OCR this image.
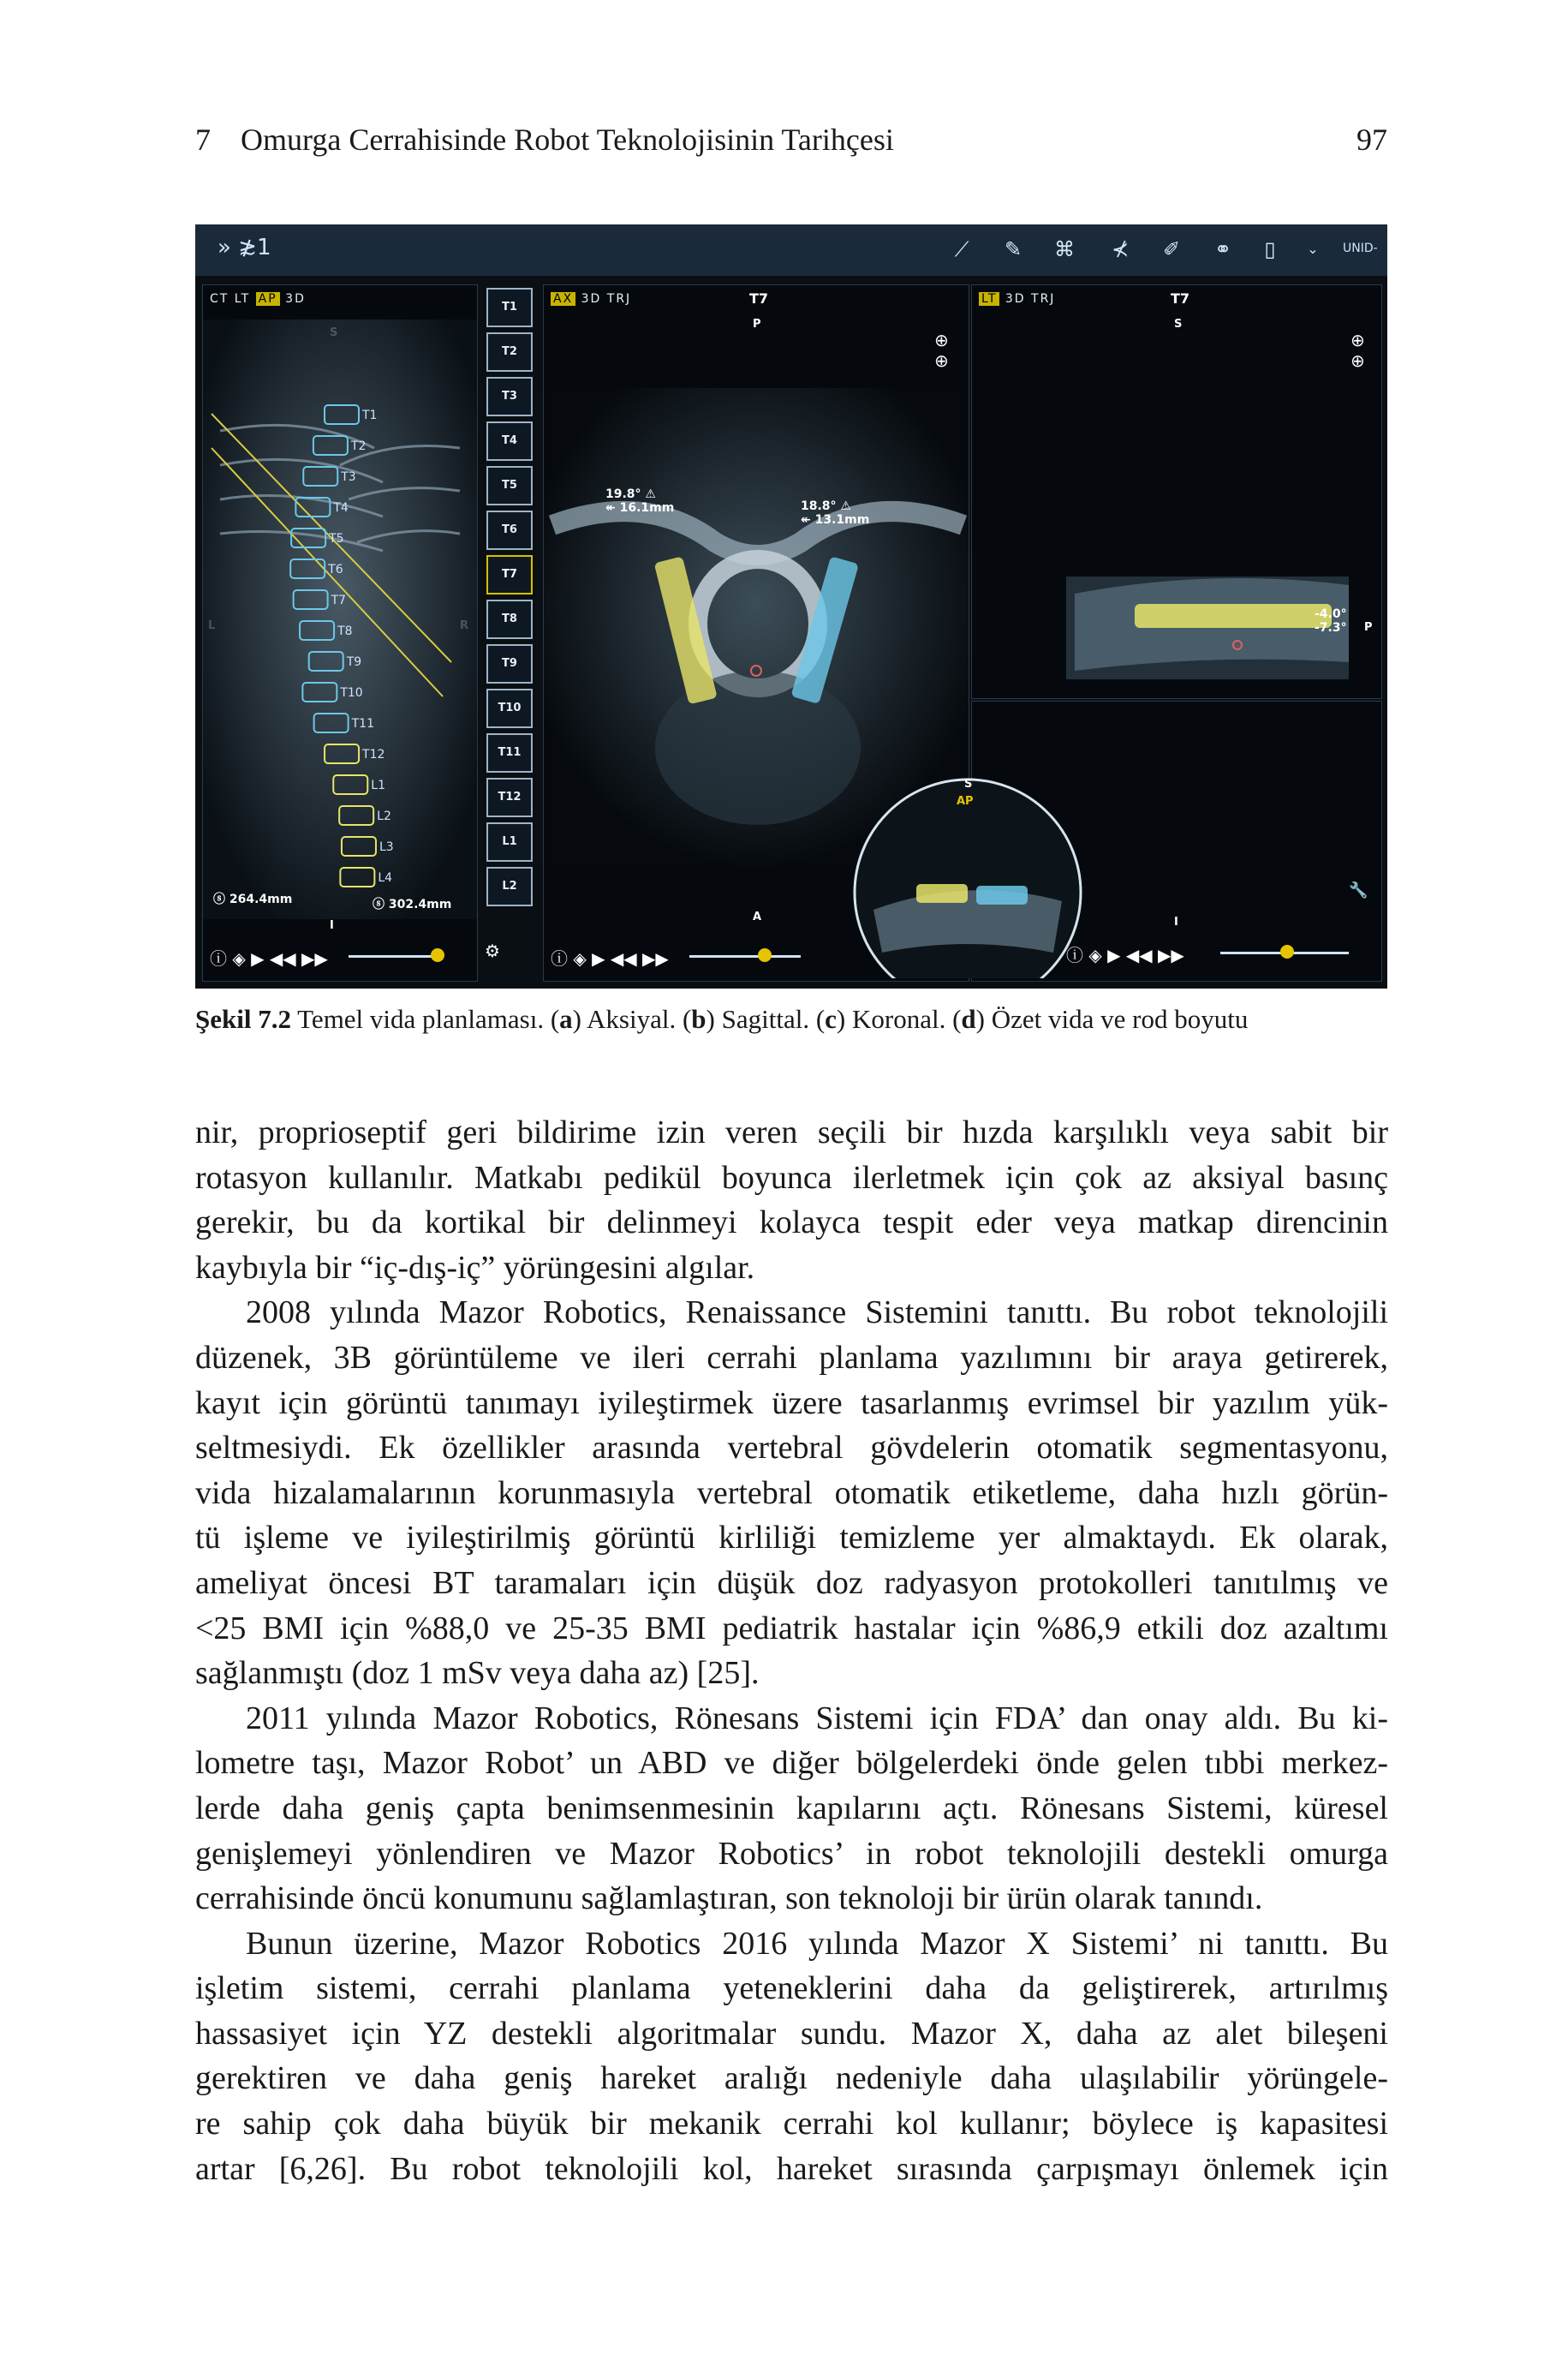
7 Omurga Cerrahisinde Robot Teknolojisinin Tarihçesi	97
» ≵1	⟋ ✎ ⌘ ⊀ ✐ ⚭	▯	⌄	UNID-
CT LT AP 3D
I
T1
T2
T3
T4
T5
T6
T7
T8
T9
T10
T11
T12
L1
L2
L3
L4
ⓢ 264.4mm	ⓢ 302.4mm
ⓘ ◈ ▶ ◀◀ ▶▶
T1
T2
T3
T4
T5
T6
T7
T8
T9
T10
T11
T12
L1
L2
⚙
AX 3D TRJ	T7
P
A
19.8° ⚠
↞ 16.1mm	18.8° ⚠
↞ 13.1mm
⊕
⊕
ⓘ ◈ ▶ ◀◀ ▶▶
LT 3D TRJ	T7
S
P
-4.0°
-7.3°
⊕
⊕
I
🔧
ⓘ ◈ ▶ ◀◀ ▶▶
S
AP
Şekil 7.2 Temel vida planlaması. (a) Aksiyal. (b) Sagittal. (c) Koronal. (d) Özet vida ve rod boyutu

nir, proprioseptif geri bildirime izin veren seçili bir hızda karşılıklı veya sabit bir

rotasyon kullanılır. Matkabı pedikül boyunca ilerletmek için çok az aksiyal basınç

gerekir, bu da kortikal bir delinmeyi kolayca tespit eder veya matkap direncinin

kaybıyla bir “iç-dış-iç” yörüngesini algılar.

2008 yılında Mazor Robotics, Renaissance Sistemini tanıttı. Bu robot teknolojili

düzenek, 3B görüntüleme ve ileri cerrahi planlama yazılımını bir araya getirerek,

kayıt için görüntü tanımayı iyileştirmek üzere tasarlanmış evrimsel bir yazılım yük-

seltmesiydi. Ek özellikler arasında vertebral gövdelerin otomatik segmentasyonu,

vida hizalamalarının korunmasıyla vertebral otomatik etiketleme, daha hızlı görün-

tü işleme ve iyileştirilmiş görüntü kirliliği temizleme yer almaktaydı. Ek olarak,

ameliyat öncesi BT taramaları için düşük doz radyasyon protokolleri tanıtılmış ve

<25 BMI için %88,0 ve 25-35 BMI pediatrik hastalar için %86,9 etkili doz azaltımı

sağlanmıştı (doz 1 mSv veya daha az) [25].

2011 yılında Mazor Robotics, Rönesans Sistemi için FDA’ dan onay aldı. Bu ki-

lometre taşı, Mazor Robot’ un ABD ve diğer bölgelerdeki önde gelen tıbbi merkez-

lerde daha geniş çapta benimsenmesinin kapılarını açtı. Rönesans Sistemi, küresel

genişlemeyi yönlendiren ve Mazor Robotics’ in robot teknolojili destekli omurga

cerrahisinde öncü konumunu sağlamlaştıran, son teknoloji bir ürün olarak tanındı.

Bunun üzerine, Mazor Robotics 2016 yılında Mazor X Sistemi’ ni tanıttı. Bu

işletim sistemi, cerrahi planlama yeteneklerini daha da geliştirerek, artırılmış

hassasiyet için YZ destekli algoritmalar sundu. Mazor X, daha az alet bileşeni

gerektiren ve daha geniş hareket aralığı nedeniyle daha ulaşılabilir yörüngele-

re sahip çok daha büyük bir mekanik cerrahi kol kullanır; böylece iş kapasitesi

artar [6,26]. Bu robot teknolojili kol, hareket sırasında çarpışmayı önlemek için
